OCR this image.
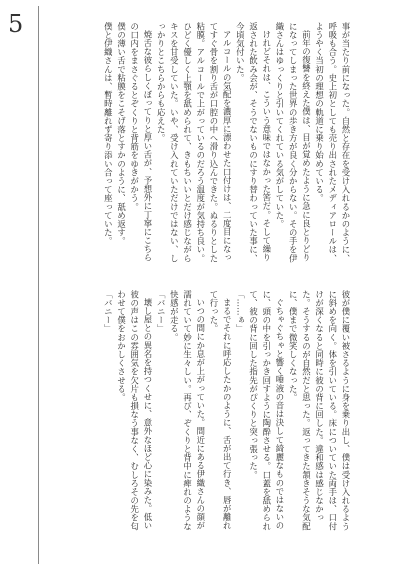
5	事が当たり前になった。自然と存在を受け入れるかのように、呼吸も合う。史上初としても売り出されたメディアロールは、ようやく当初の理想の軌道に乗り始めている。

前年の復讐を終えた僕は、目が覚めたように急に良とりどりになってしまった世界の歩き方が良く分からない。その手を伊織さんはゆっくりと引いてくれている気がしていた。

けれどそれは、こういう意味ではなかった筈だ。そして繰り返された飲み会が、そうでないものにすり替わっていた事に、今頃気付いた。

アルコールの気配を濃厚に漂わせた口付けは、二度目になってすぐ骨を割り舌が口腔の中へ滑り込んできた。ぬるりとした粘膜。アルコールで上がっているのだろう温度が気持ち良い。ひどく優しく上顎を舐められて、きもちいいとだけ感じながらキスを甘受していた。いや、受け入れていただけではない、しっかりとこちらからも応えた。

焼舌な彼らしくぼってりと厚い舌が、予想外に丁寧にこちらの口内をまさぐるとぞくりと背筋をゆきがかう。

僕の薄い舌で粘膜をこそげ落とすかのように、舐め返す。

僕と伊織さんは、暫時離れず寄り添い合って座っていた。

彼が僕に覆い被さるように身を乗り出し、僕は受け入れるように斜めを向く。体を引いている。床についていた両手は、口付けが深くなると同時に彼の背に回した。違和感は感じなかった。そうするのが自然だと思った。返ってきた頷きそうな気配に、僕まで微笑しくなった。

ぐちゃぐちゃと響く唾液の音は決して綺麗なものではないのに、頭の中を引っかき回すように陶酔させる。口蓋を舐められて、彼の背に回した指先がぴくりと突っ張った。

「……ぁ」

まるでそれに呼応したかのように、舌が出て行き、唇が離れて行った。

いつの間にか息が上がっていた。間近にある伊織さんの顔が濡れていて妙に生々しい。再び、ぞくりと背中に痺れのような快感が走る。

「バニー」

壊し屋との異名を持つくせに、意外なほど心に染みた。低い彼の声はこの雰囲気を欠片も損なう事なく、むしろその先を匂わせて僕をおかしくさせる。

「バニー」
